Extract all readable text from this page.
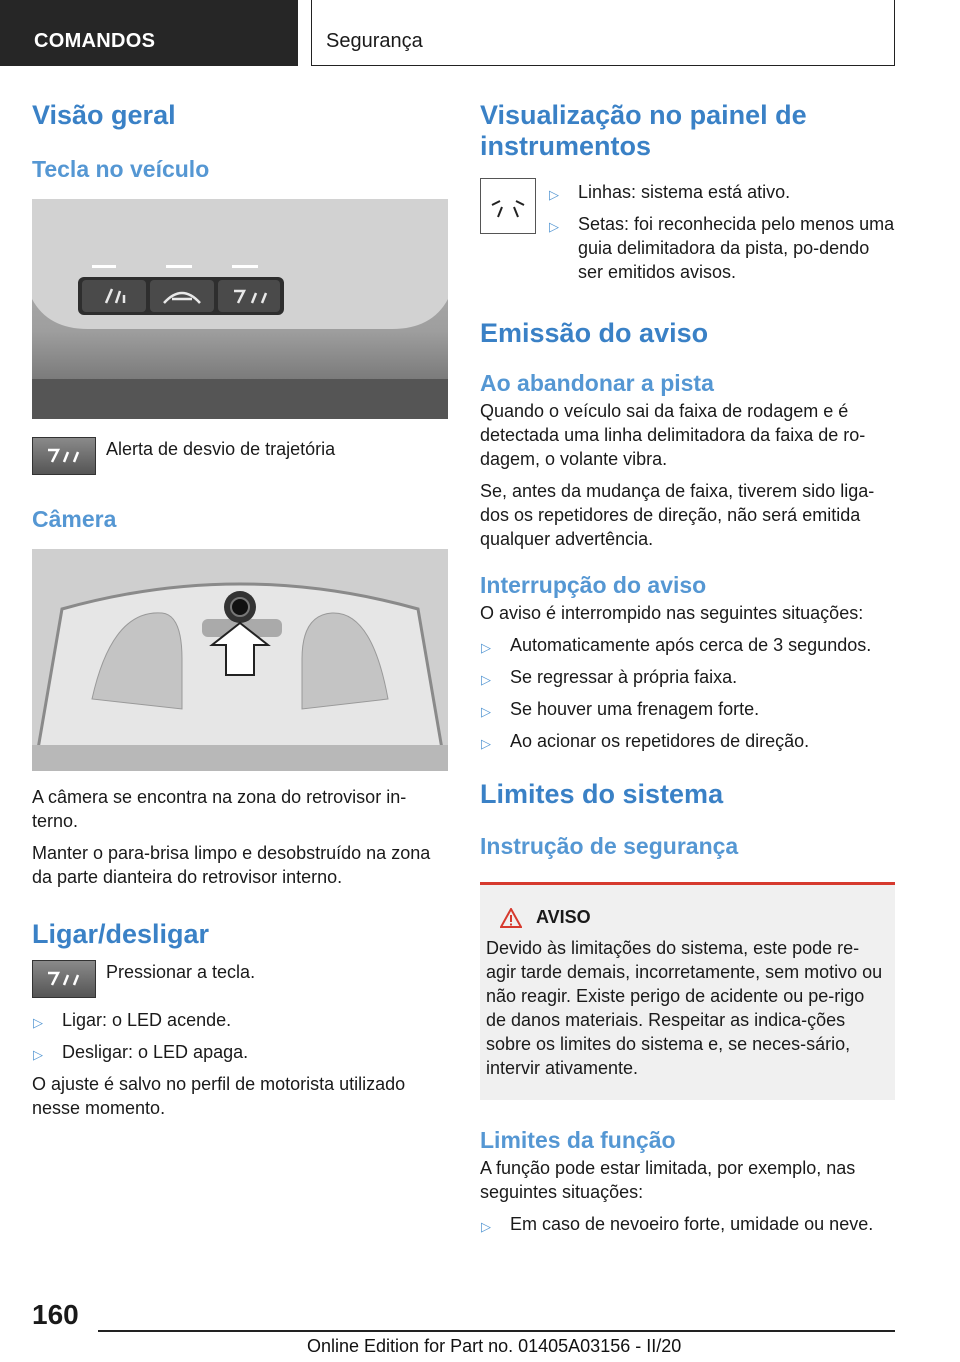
COMANDOS	Segurança
Visão geral
Tecla no veículo
Alerta de desvio de trajetória
Câmera

A câmera se encontra na zona do retrovisor in-terno.

Manter o para-brisa limpo e desobstruído na zona da parte dianteira do retrovisor interno.

Ligar/desligar
Pressionar a tecla.
▷ Ligar: o LED acende.
▷ Desligar: o LED apaga.

O ajuste é salvo no perfil de motorista utilizado nesse momento.

Visualização no painel de instrumentos
▷ Linhas: sistema está ativo.
▷ Setas: foi reconhecida pelo menos uma guia delimitadora da pista, po-dendo ser emitidos avisos.
Emissão do aviso
Ao abandonar a pista

Quando o veículo sai da faixa de rodagem e é detectada uma linha delimitadora da faixa de ro-dagem, o volante vibra.

Se, antes da mudança de faixa, tiverem sido liga-dos os repetidores de direção, não será emitida qualquer advertência.

Interrupção do aviso

O aviso é interrompido nas seguintes situações:

▷ Automaticamente após cerca de 3 segundos.
▷ Se regressar à própria faixa.
▷ Se houver uma frenagem forte.
▷ Ao acionar os repetidores de direção.
Limites do sistema
Instrução de segurança
AVISO

Devido às limitações do sistema, este pode re-agir tarde demais, incorretamente, sem motivo ou não reagir. Existe perigo de acidente ou pe-rigo de danos materiais. Respeitar as indica-ções sobre os limites do sistema e, se neces-sário, intervir ativamente.

Limites da função

A função pode estar limitada, por exemplo, nas seguintes situações:

▷ Em caso de nevoeiro forte, umidade ou neve.
160
Online Edition for Part no. 01405A03156 - II/20
